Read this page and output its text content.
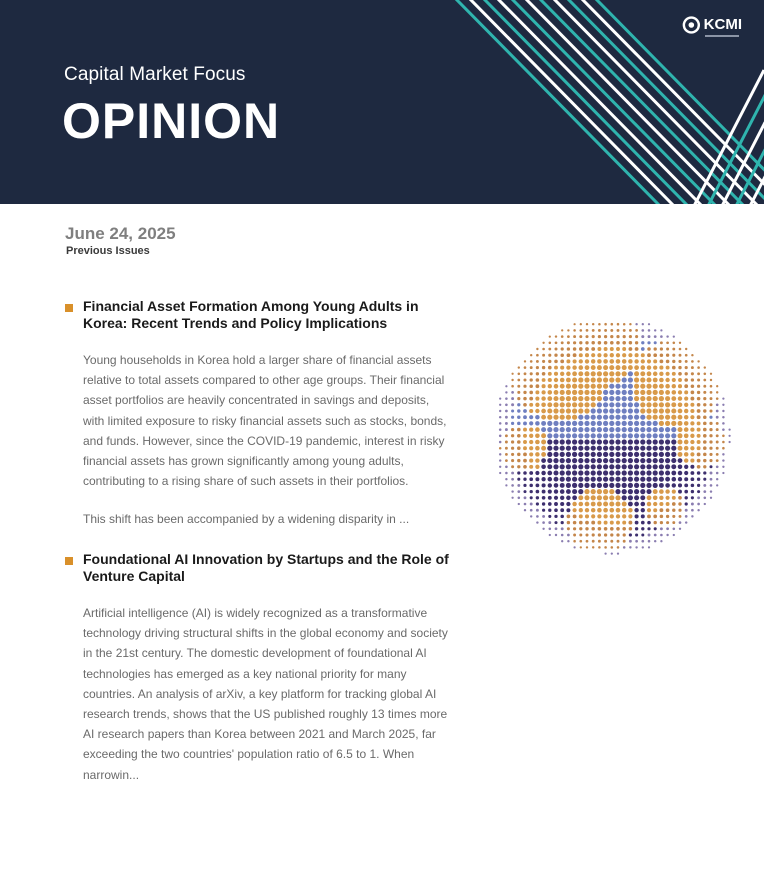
Capital Market Focus
OPINION
KCMI
June 24, 2025
Previous Issues
Financial Asset Formation Among Young Adults in Korea: Recent Trends and Policy Implications

Young households in Korea hold a larger share of financial assets relative to total assets compared to other age groups. Their financial asset portfolios are heavily concentrated in savings and deposits, with limited exposure to risky financial assets such as stocks, bonds, and funds. However, since the COVID-19 pandemic, interest in risky financial assets has grown significantly among young adults, contributing to a rising share of such assets in their portfolios.

This shift has been accompanied by a widening disparity in ...

Foundational AI Innovation by Startups and the Role of Venture Capital

Artificial intelligence (AI) is widely recognized as a transformative technology driving structural shifts in the global economy and society in the 21st century. The domestic development of foundational AI technologies has emerged as a key national priority for many countries. An analysis of arXiv, a key platform for tracking global AI research trends, shows that the US published roughly 13 times more AI research papers than Korea between 2021 and March 2025, far exceeding the two countries' population ratio of 6.5 to 1. When narrowin...
